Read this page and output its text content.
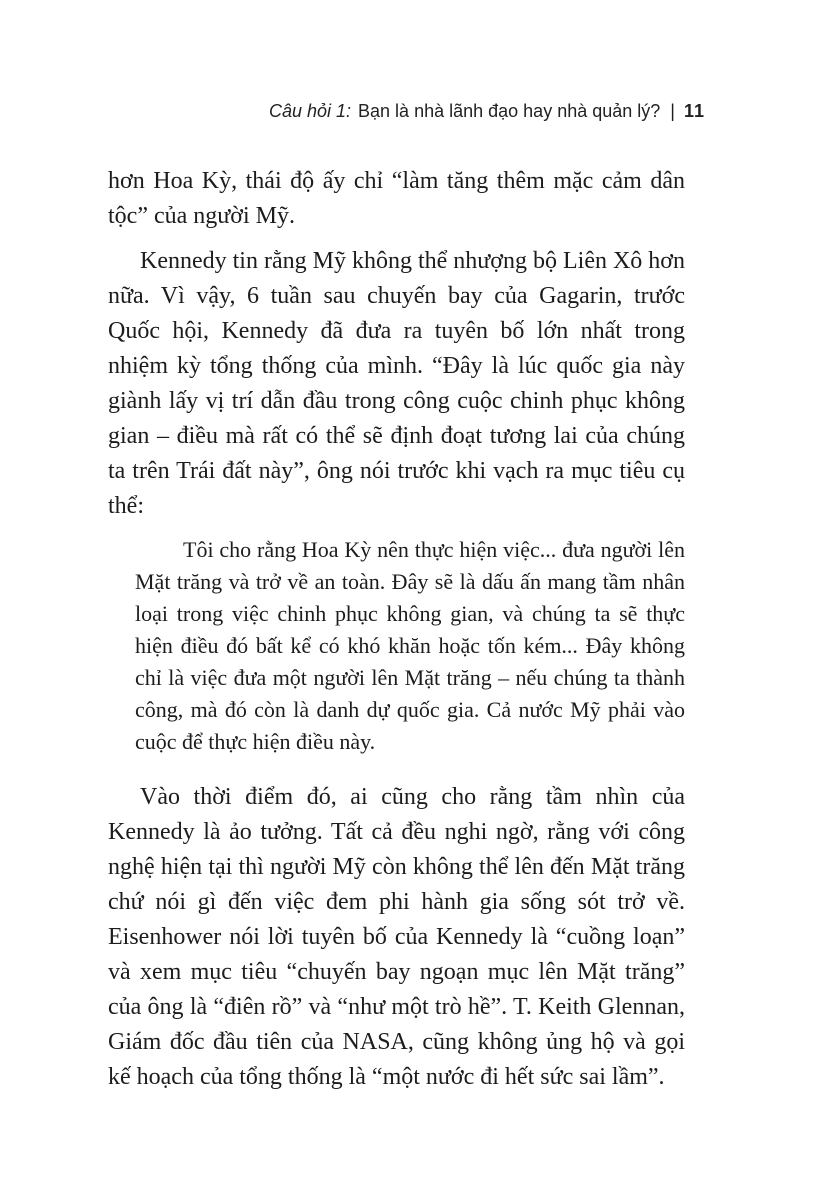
Câu hỏi 1: Bạn là nhà lãnh đạo hay nhà quản lý? | 11

hơn Hoa Kỳ, thái độ ấy chỉ “làm tăng thêm mặc cảm dân tộc” của người Mỹ.

Kennedy tin rằng Mỹ không thể nhượng bộ Liên Xô hơn nữa. Vì vậy, 6 tuần sau chuyến bay của Gagarin, trước Quốc hội, Kennedy đã đưa ra tuyên bố lớn nhất trong nhiệm kỳ tổng thống của mình. “Đây là lúc quốc gia này giành lấy vị trí dẫn đầu trong công cuộc chinh phục không gian – điều mà rất có thể sẽ định đoạt tương lai của chúng ta trên Trái đất này”, ông nói trước khi vạch ra mục tiêu cụ thể:

Tôi cho rằng Hoa Kỳ nên thực hiện việc... đưa người lên Mặt trăng và trở về an toàn. Đây sẽ là dấu ấn mang tầm nhân loại trong việc chinh phục không gian, và chúng ta sẽ thực hiện điều đó bất kể có khó khăn hoặc tốn kém... Đây không chỉ là việc đưa một người lên Mặt trăng – nếu chúng ta thành công, mà đó còn là danh dự quốc gia. Cả nước Mỹ phải vào cuộc để thực hiện điều này.

Vào thời điểm đó, ai cũng cho rằng tầm nhìn của Kennedy là ảo tưởng. Tất cả đều nghi ngờ, rằng với công nghệ hiện tại thì người Mỹ còn không thể lên đến Mặt trăng chứ nói gì đến việc đem phi hành gia sống sót trở về. Eisenhower nói lời tuyên bố của Kennedy là “cuồng loạn” và xem mục tiêu “chuyến bay ngoạn mục lên Mặt trăng” của ông là “điên rồ” và “như một trò hề”. T. Keith Glennan, Giám đốc đầu tiên của NASA, cũng không ủng hộ và gọi kế hoạch của tổng thống là “một nước đi hết sức sai lầm”.
